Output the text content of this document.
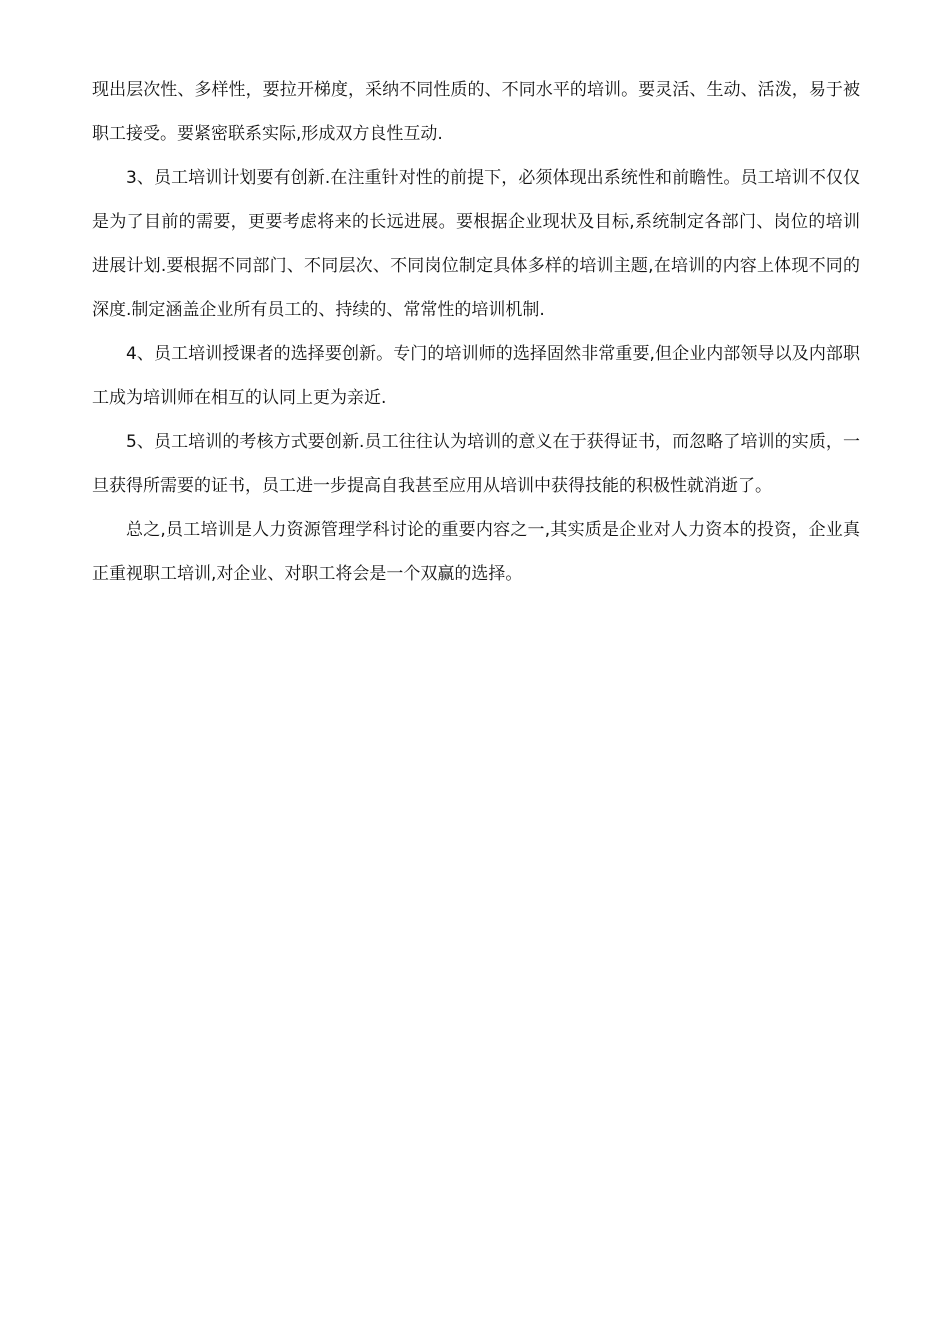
现出层次性、多样性，要拉开梯度，采纳不同性质的、不同水平的培训。要灵活、生动、活泼，易于被职工接受。要紧密联系实际,形成双方良性互动.

3、员工培训计划要有创新.在注重针对性的前提下，必须体现出系统性和前瞻性。员工培训不仅仅是为了目前的需要，更要考虑将来的长远进展。要根据企业现状及目标,系统制定各部门、岗位的培训进展计划.要根据不同部门、不同层次、不同岗位制定具体多样的培训主题,在培训的内容上体现不同的深度.制定涵盖企业所有员工的、持续的、常常性的培训机制.

4、员工培训授课者的选择要创新。专门的培训师的选择固然非常重要,但企业内部领导以及内部职工成为培训师在相互的认同上更为亲近.

5、员工培训的考核方式要创新.员工往往认为培训的意义在于获得证书，而忽略了培训的实质，一旦获得所需要的证书，员工进一步提高自我甚至应用从培训中获得技能的积极性就消逝了。

总之,员工培训是人力资源管理学科讨论的重要内容之一,其实质是企业对人力资本的投资，企业真正重视职工培训,对企业、对职工将会是一个双赢的选择。
